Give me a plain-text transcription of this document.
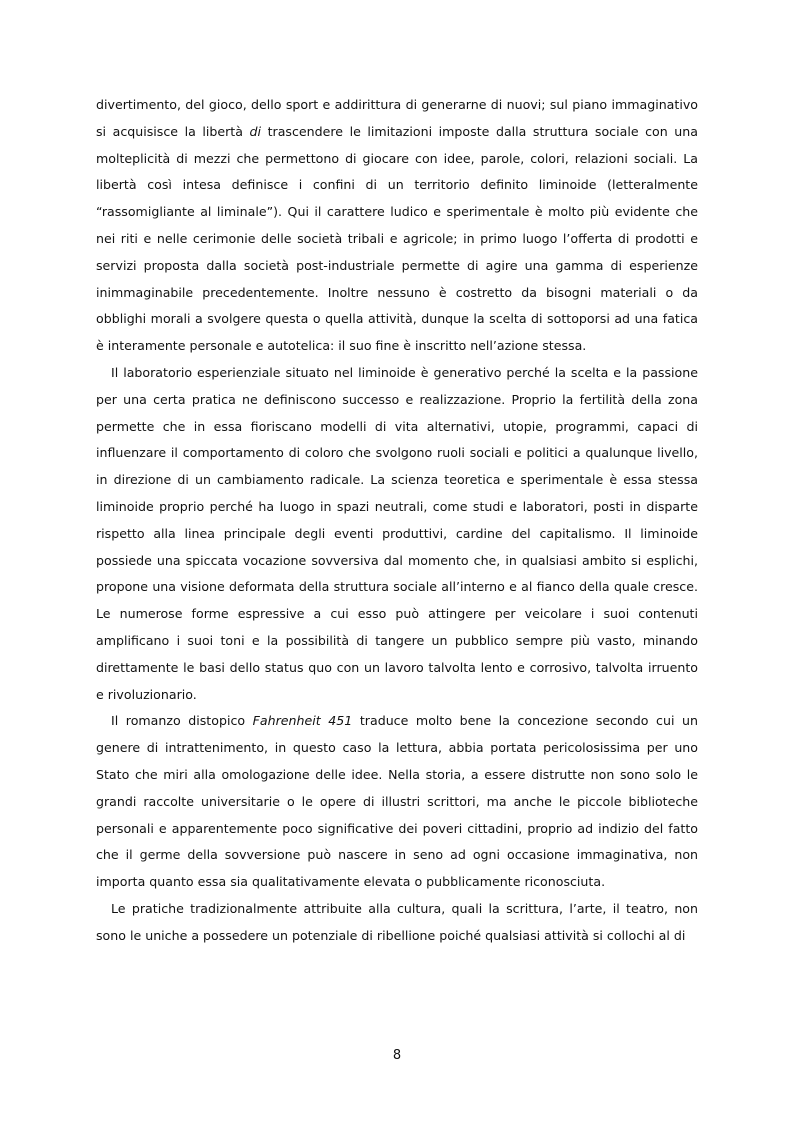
divertimento, del gioco, dello sport e addirittura di generarne di nuovi; sul piano immaginativo si acquisisce la libertà di trascendere le limitazioni imposte dalla struttura sociale con una molteplicità di mezzi che permettono di giocare con idee, parole, colori, relazioni sociali. La libertà così intesa definisce i confini di un territorio definito liminoide (letteralmente “rassomigliante al liminale”). Qui il carattere ludico e sperimentale è molto più evidente che nei riti e nelle cerimonie delle società tribali e agricole; in primo luogo l’offerta di prodotti e servizi proposta dalla società post-industriale permette di agire una gamma di esperienze inimmaginabile precedentemente. Inoltre nessuno è costretto da bisogni materiali o da obblighi morali a svolgere questa o quella attività, dunque la scelta di sottoporsi ad una fatica è interamente personale e autotelica: il suo fine è inscritto nell’azione stessa.

Il laboratorio esperienziale situato nel liminoide è generativo perché la scelta e la passione per una certa pratica ne definiscono successo e realizzazione. Proprio la fertilità della zona permette che in essa fioriscano modelli di vita alternativi, utopie, programmi, capaci di influenzare il comportamento di coloro che svolgono ruoli sociali e politici a qualunque livello, in direzione di un cambiamento radicale. La scienza teoretica e sperimentale è essa stessa liminoide proprio perché ha luogo in spazi neutrali, come studi e laboratori, posti in disparte rispetto alla linea principale degli eventi produttivi, cardine del capitalismo. Il liminoide possiede una spiccata vocazione sovversiva dal momento che, in qualsiasi ambito si esplichi, propone una visione deformata della struttura sociale all’interno e al fianco della quale cresce. Le numerose forme espressive a cui esso può attingere per veicolare i suoi contenuti amplificano i suoi toni e la possibilità di tangere un pubblico sempre più vasto, minando direttamente le basi dello status quo con un lavoro talvolta lento e corrosivo, talvolta irruento e rivoluzionario.

Il romanzo distopico Fahrenheit 451 traduce molto bene la concezione secondo cui un genere di intrattenimento, in questo caso la lettura, abbia portata pericolosissima per uno Stato che miri alla omologazione delle idee. Nella storia, a essere distrutte non sono solo le grandi raccolte universitarie o le opere di illustri scrittori, ma anche le piccole biblioteche personali e apparentemente poco significative dei poveri cittadini, proprio ad indizio del fatto che il germe della sovversione può nascere in seno ad ogni occasione immaginativa, non importa quanto essa sia qualitativamente elevata o pubblicamente riconosciuta.

Le pratiche tradizionalmente attribuite alla cultura, quali la scrittura, l’arte, il teatro, non sono le uniche a possedere un potenziale di ribellione poiché qualsiasi attività si collochi al di

8
